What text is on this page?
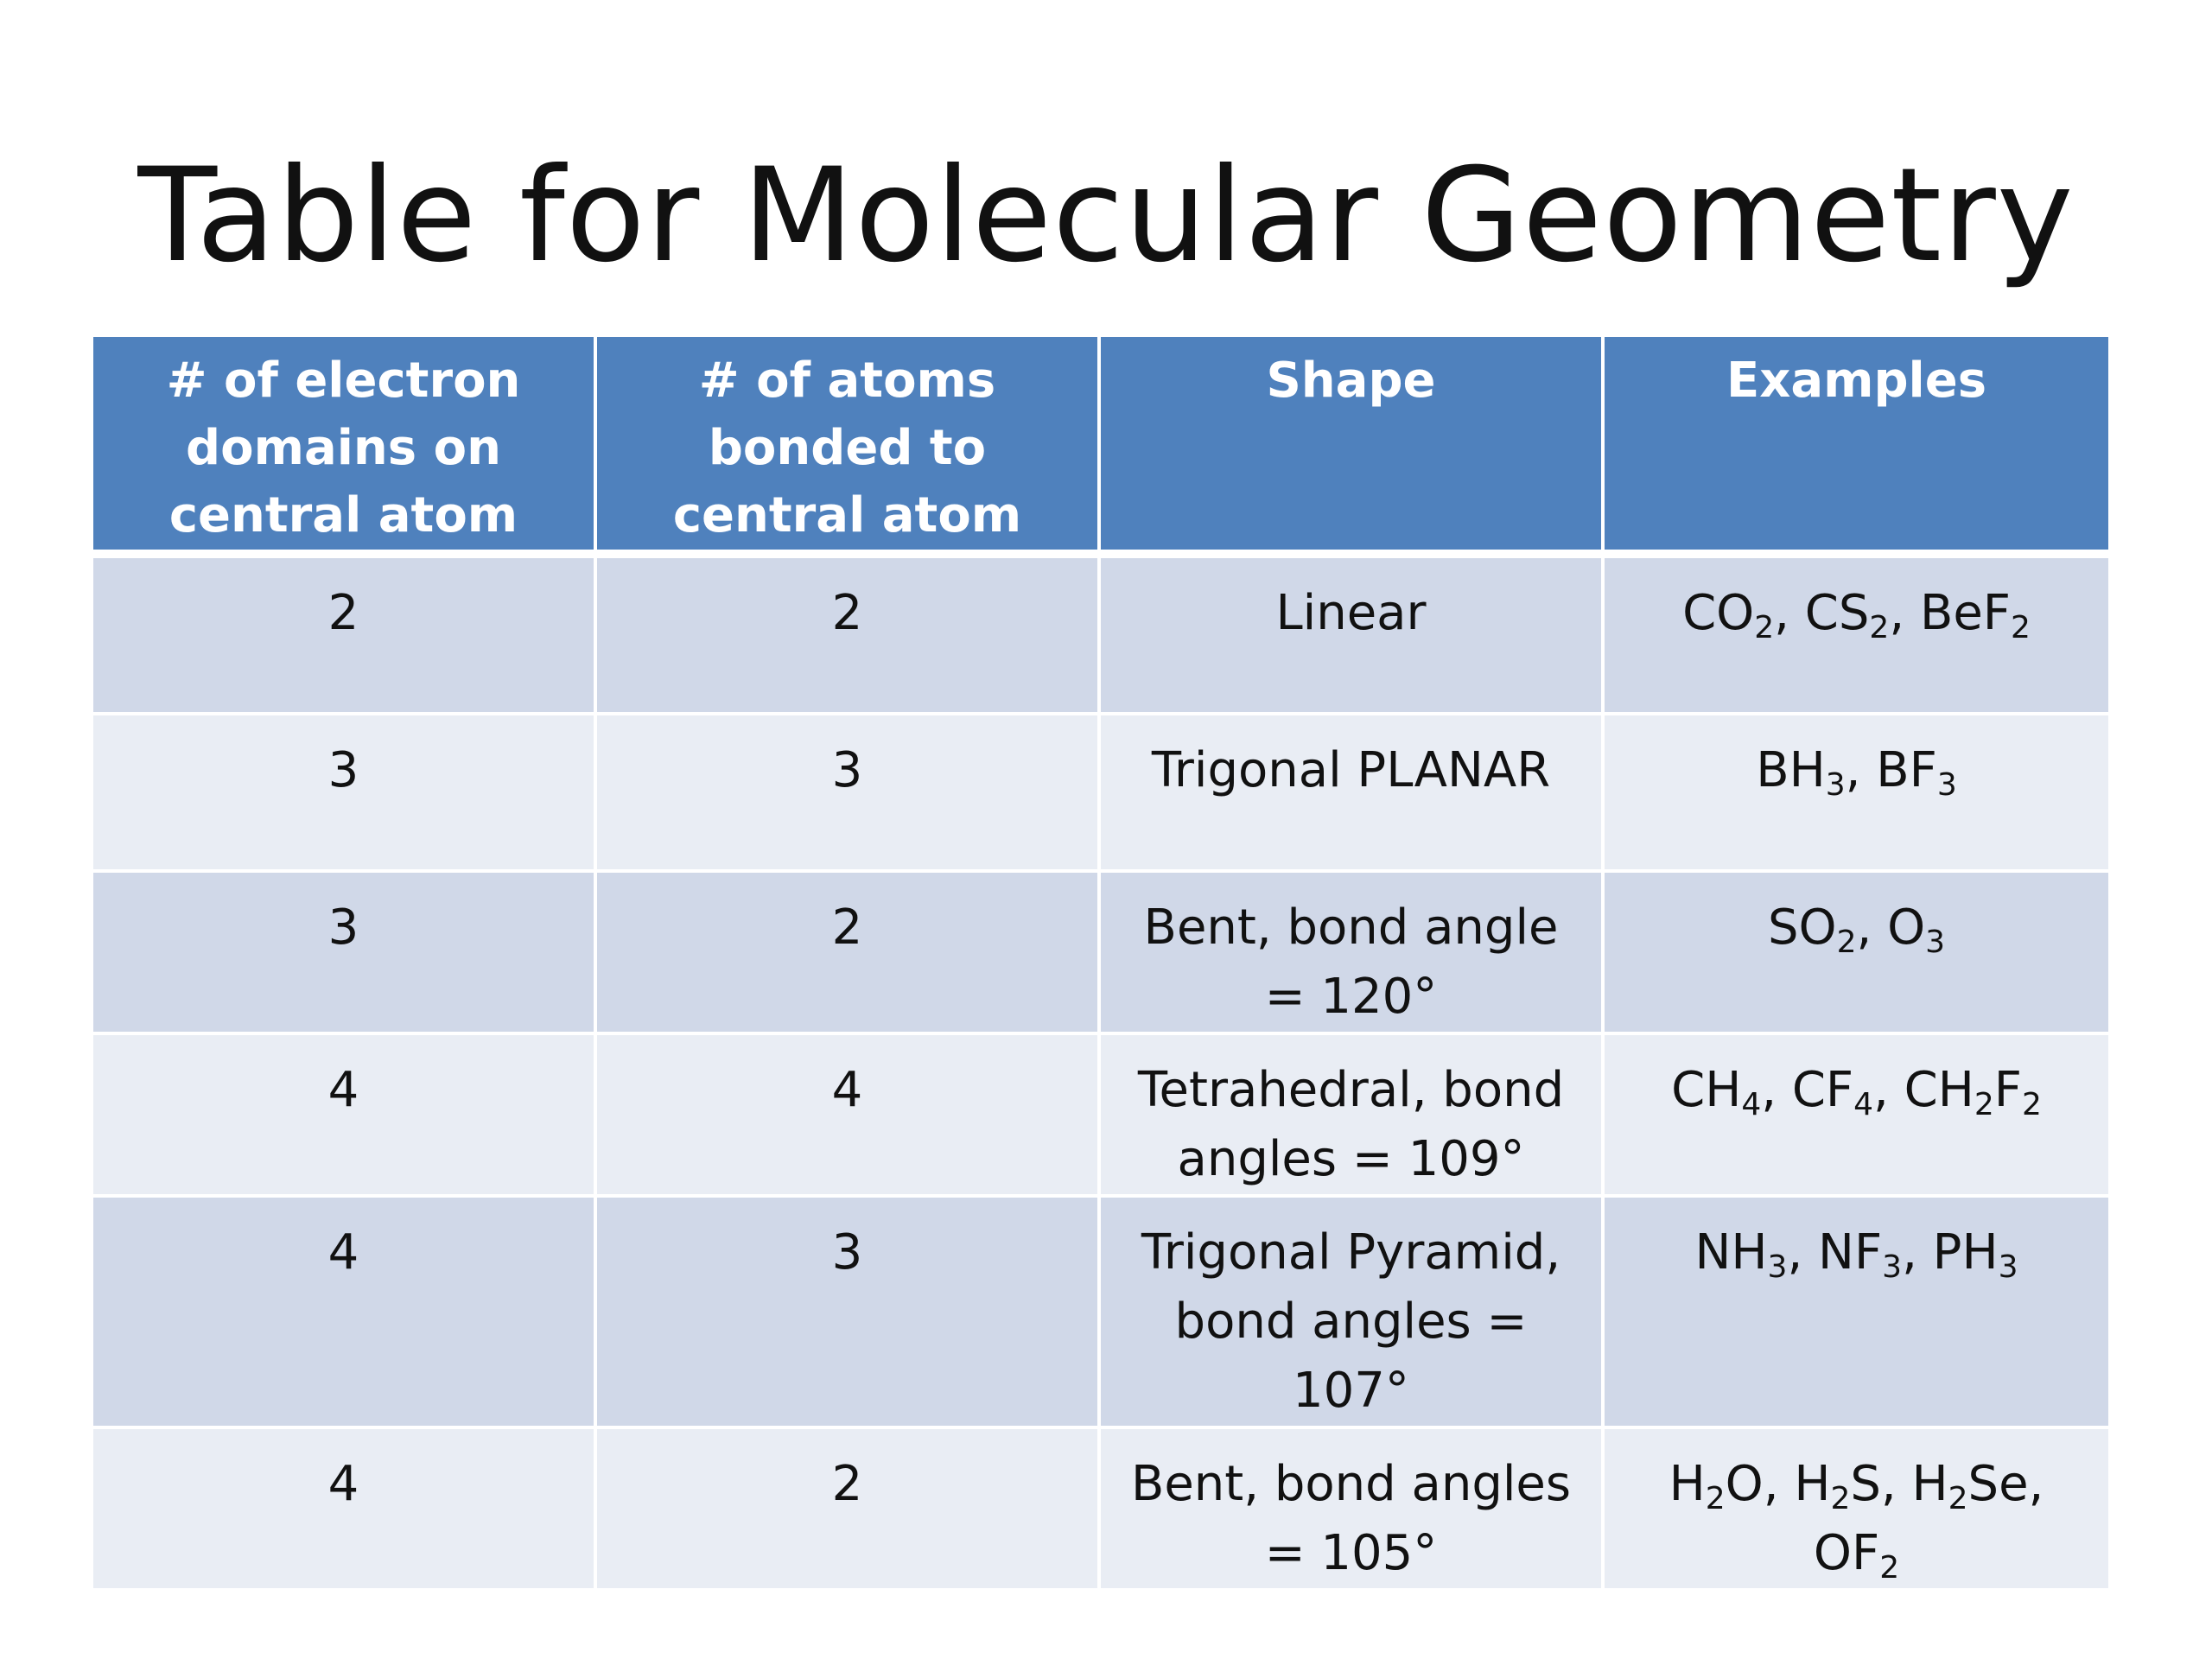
Table for Molecular Geometry
# of electron domains on central atom	# of atoms bonded to central atom	Shape	Examples
2	2	Linear	$CO_2$, $CS_2$, BeF$_2$
3	3	Trigonal PLANAR	$BH_3$, $BF_3$
3	2	Bent, bond angle = 120°	$SO_2$, $O_3$
4	4	Tetrahedral, bond angles = 109°	$CH_4$, $CF_4$, $CH_2F_2$
4	3	Trigonal Pyramid, bond angles = 107°	$NH_3$, $NF_3$, $PH_3$
4	2	Bent, bond angles = 105°	$H_2O$, $H_2S$, $H_2Se$, $OF_2$
